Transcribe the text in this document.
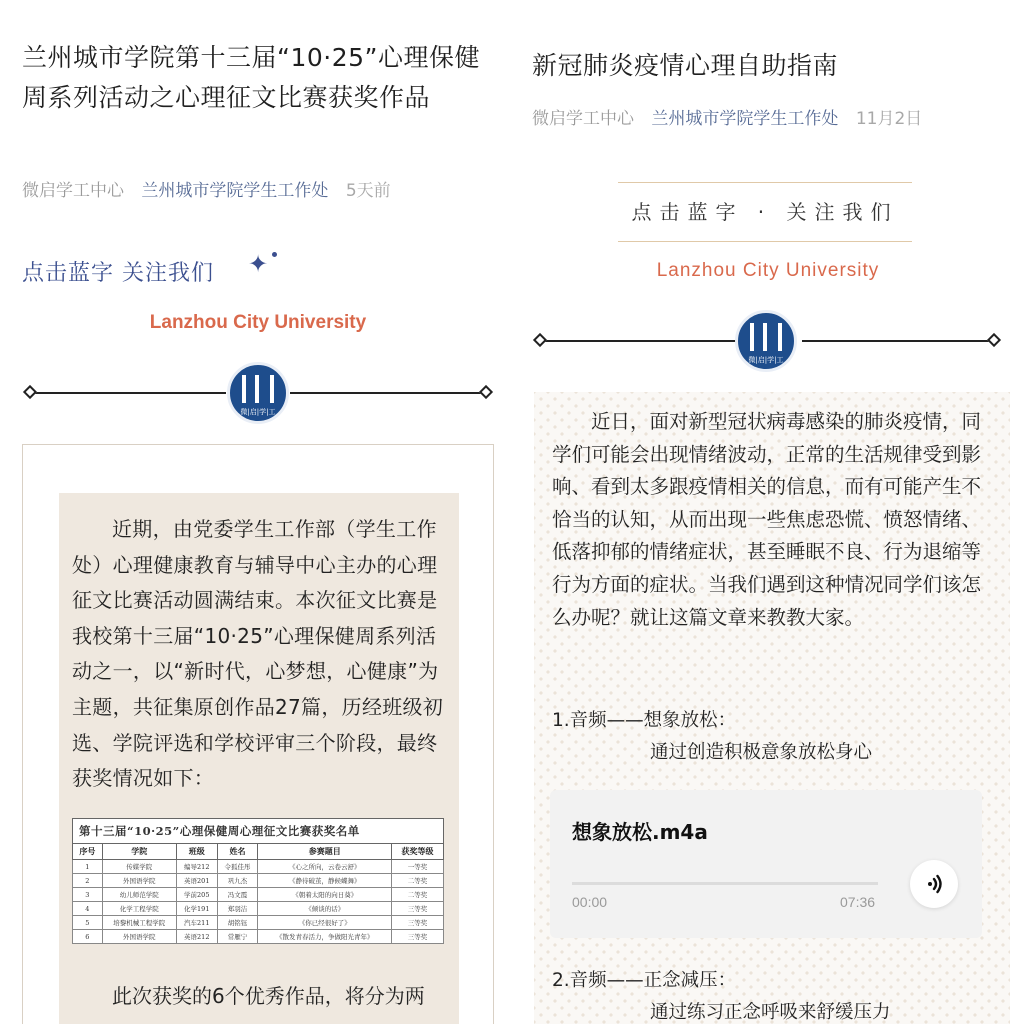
兰州城市学院第十三届“10·25”心理保健周系列活动之心理征文比赛获奖作品
微启学工中心 兰州城市学院学生工作处 5天前
点击蓝字 关注我们 ✦
Lanzhou City University
微|启|学|工
近期，由党委学生工作部（学生工作处）心理健康教育与辅导中心主办的心理征文比赛活动圆满结束。本次征文比赛是我校第十三届“10·25”心理保健周系列活动之一，以“新时代，心梦想，心健康”为主题，共征集原创作品27篇，历经班级初选、学院评选和学校评审三个阶段，最终获奖情况如下：
第十三届“10·25”心理保健周心理征文比赛获奖名单					
序号	学院	班级	姓名	参赛题目	获奖等级
1	传媒学院	编导212	令狐佳彤	《心之所向，云卷云舒》	一等奖
2	外国语学院	英语201	巩九杰	《静待破茧，静候蝶舞》	二等奖
3	幼儿师范学院	学前205	冯文霞	《朝着太阳的向日葵》	二等奖
4	化学工程学院	化学191	郑羽洁	《倾谈的话》	三等奖
5	培黎机械工程学院	汽车211	胡铭钰	《你已经很好了》	三等奖
6	外国语学院	英语212	常雁宁	《散发青春活力，争做阳光青年》	三等奖
此次获奖的6个优秀作品，将分为两
新冠肺炎疫情心理自助指南
微启学工中心 兰州城市学院学生工作处 11月2日
点击蓝字 · 关注我们
Lanzhou City University
微|启|学|工
近日，面对新型冠状病毒感染的肺炎疫情，同学们可能会出现情绪波动，正常的生活规律受到影响、看到太多跟疫情相关的信息，而有可能产生不恰当的认知，从而出现一些焦虑恐慌、愤怒情绪、低落抑郁的情绪症状，甚至睡眠不良、行为退缩等行为方面的症状。当我们遇到这种情况同学们该怎么办呢？就让这篇文章来教教大家。
1.音频——想象放松：
通过创造积极意象放松身心
想象放松.m4a
00:00	07:36
2.音频——正念减压：
通过练习正念呼吸来舒缓压力
